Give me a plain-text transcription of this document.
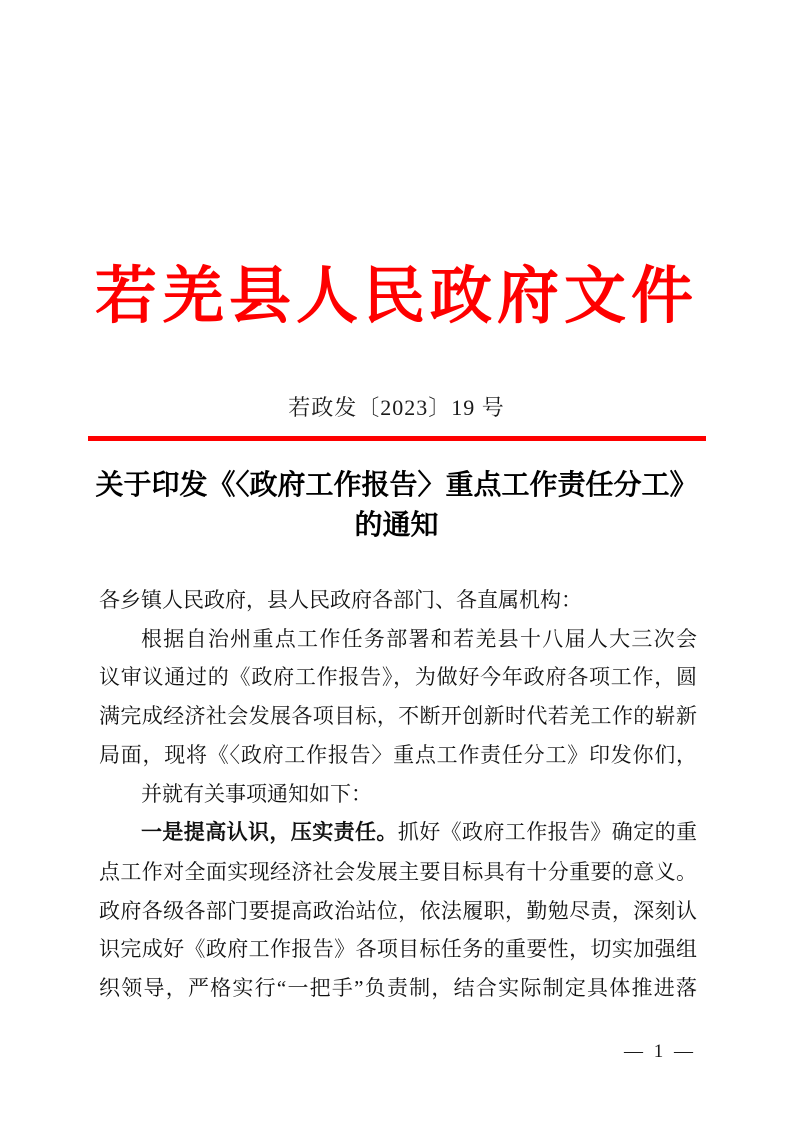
若羌县人民政府文件
若政发〔2023〕19 号
关于印发《〈政府工作报告〉重点工作责任分工》
的通知
各乡镇人民政府，县人民政府各部门、各直属机构：
根据自治州重点工作任务部署和若羌县十八届人大三次会
议审议通过的《政府工作报告》，为做好今年政府各项工作，圆
满完成经济社会发展各项目标，不断开创新时代若羌工作的崭新
局面，现将《〈政府工作报告〉重点工作责任分工》印发你们，
并就有关事项通知如下：
一是提高认识，压实责任。抓好《政府工作报告》确定的重
点工作对全面实现经济社会发展主要目标具有十分重要的意义。
政府各级各部门要提高政治站位，依法履职，勤勉尽责，深刻认
识完成好《政府工作报告》各项目标任务的重要性，切实加强组
织领导，严格实行“一把手”负责制，结合实际制定具体推进落
— 1 —
